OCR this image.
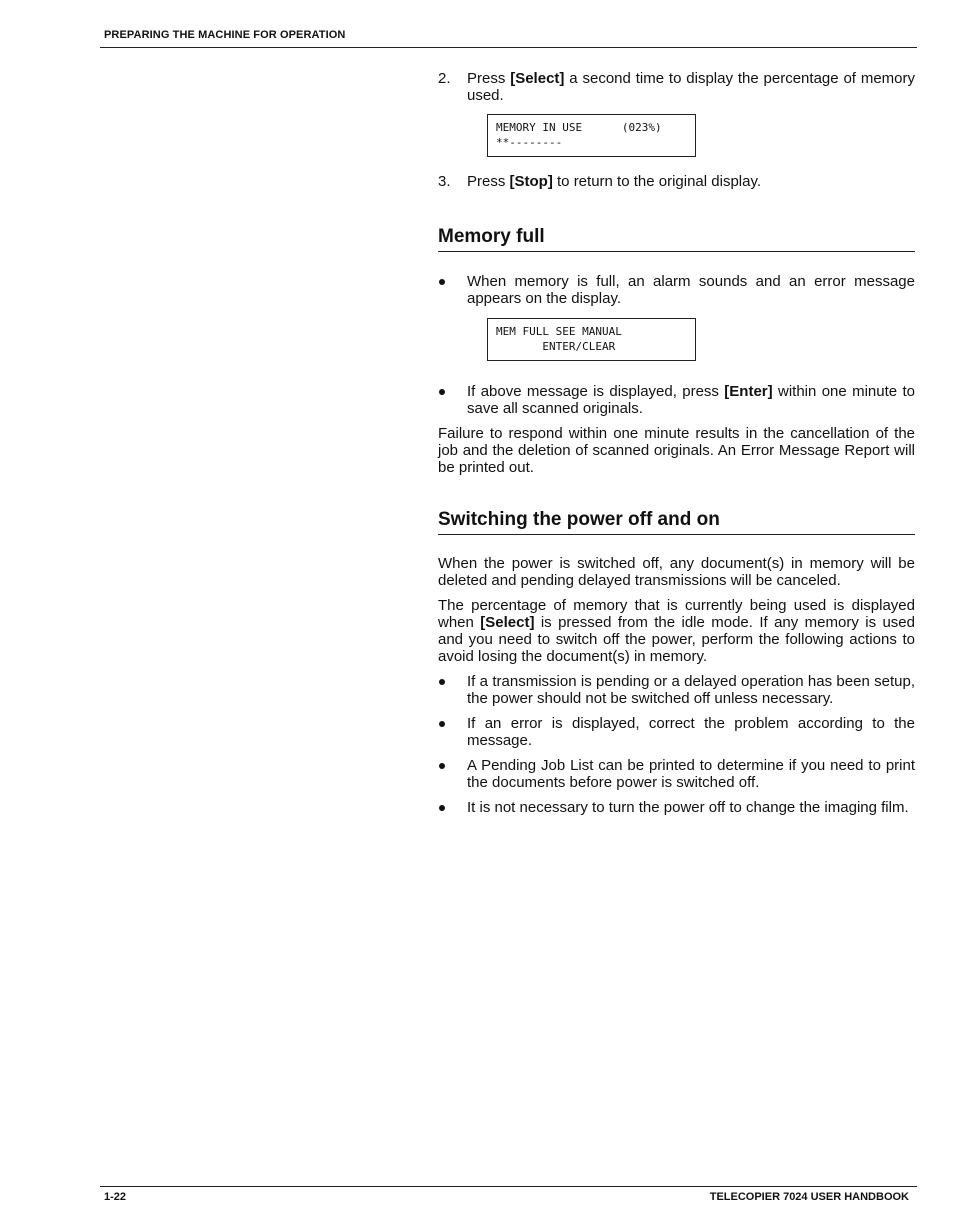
PREPARING THE MACHINE FOR OPERATION

2. Press [Select] a second time to display the percentage of memory used.

MEMORY IN USE      (023%)
**--------

3. Press [Stop] to return to the original display.

Memory full

When memory is full, an alarm sounds and an error message appears on the display.

MEM FULL SEE MANUAL
ENTER/CLEAR

If above message is displayed, press [Enter] within one minute to save all scanned originals.

Failure to respond within one minute results in the cancellation of the job and the deletion of scanned originals. An Error Message Report will be printed out.

Switching the power off and on

When the power is switched off, any document(s) in memory will be deleted and pending delayed transmissions will be canceled.

The percentage of memory that is currently being used is displayed when [Select] is pressed from the idle mode. If any memory is used and you need to switch off the power, perform the following actions to avoid losing the document(s) in memory.

If a transmission is pending or a delayed operation has been setup, the power should not be switched off unless necessary.

If an error is displayed, correct the problem according to the message.

A Pending Job List can be printed to determine if you need to print the documents before power is switched off.

It is not necessary to turn the power off to change the imaging film.

1-22	TELECOPIER 7024 USER HANDBOOK
